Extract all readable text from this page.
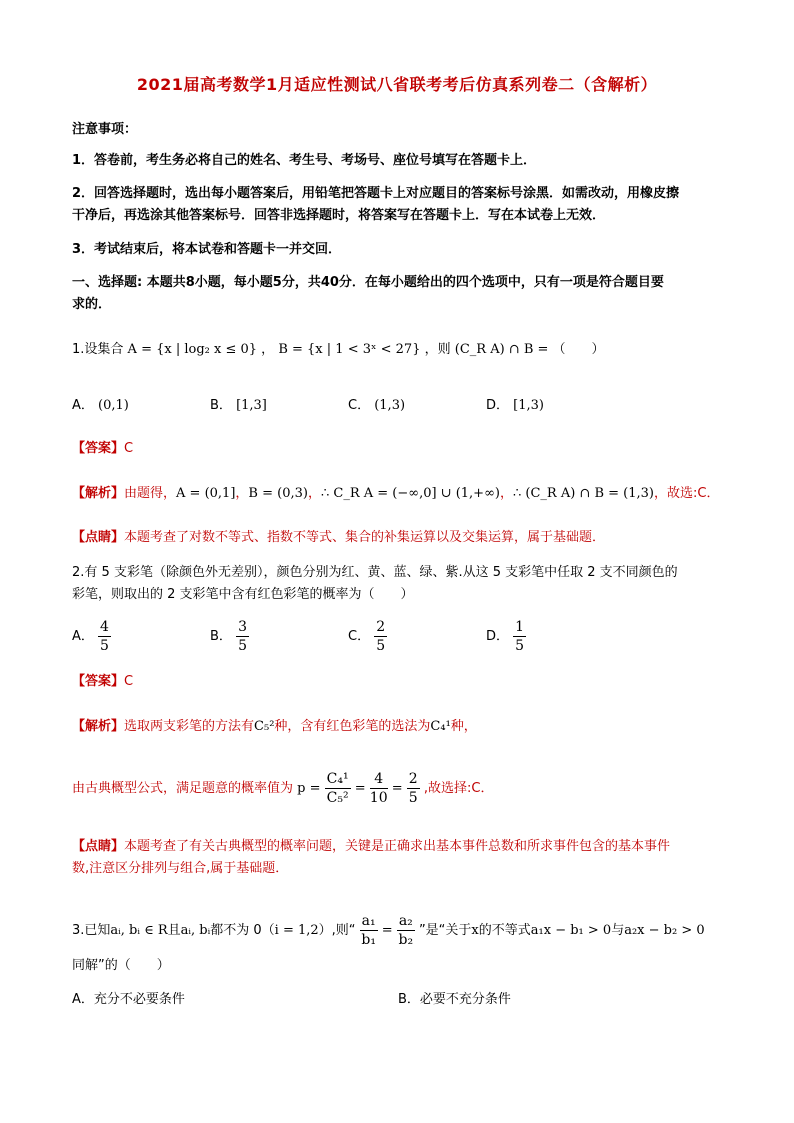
2021届高考数学1月适应性测试八省联考考后仿真系列卷二（含解析）
注意事项：
1．答卷前，考生务必将自己的姓名、考生号、考场号、座位号填写在答题卡上．
2．回答选择题时，选出每小题答案后，用铅笔把答题卡上对应题目的答案标号涂黑．如需改动，用橡皮擦
干净后，再选涂其他答案标号．回答非选择题时，将答案写在答题卡上．写在本试卷上无效．
3．考试结束后，将本试卷和答题卡一并交回．
一、选择题: 本题共8小题，每小题5分，共40分．在每小题给出的四个选项中，只有一项是符合题目要
求的．
1.设集合 A = {x | log₂ x ≤ 0} ， B = {x | 1 < 3ˣ < 27} ，则 (C_R A) ∩ B = （　　）
A． (0,1)	B． [1,3]	C． (1,3)	D． [1,3)
【答案】C
【解析】由题得，A = (0,1]，B = (0,3)，∴ C_R A = (−∞,0] ∪ (1,+∞)，∴ (C_R A) ∩ B = (1,3)，故选:C．
【点睛】本题考查了对数不等式、指数不等式、集合的补集运算以及交集运算，属于基础题．
2.有 5 支彩笔（除颜色外无差别），颜色分别为红、黄、蓝、绿、紫.从这 5 支彩笔中任取 2 支不同颜色的
彩笔，则取出的 2 支彩笔中含有红色彩笔的概率为（　　）
A． $\frac{4}{5}$	B． $\frac{3}{5}$	C． $\frac{2}{5}$	D． $\frac{1}{5}$
【答案】C
【解析】选取两支彩笔的方法有C₅²种，含有红色彩笔的选法为C₄¹种，
由古典概型公式，满足题意的概率值为 $p = \frac{\text{C₄¹}}{\text{C₅²}} = \frac{4}{10} = \frac{2}{5}$ ,故选择:C．
【点睛】本题考查了有关古典概型的概率问题，关键是正确求出基本事件总数和所求事件包含的基本事件
数,注意区分排列与组合,属于基础题．
3.已知aᵢ, bᵢ ∈ R且aᵢ, bᵢ都不为 0（i = 1,2）,则“ $\frac{\text{a₁}}{\text{b₁}} = \frac{\text{a₂}}{\text{b₂}}$ ”是“关于x的不等式a₁x − b₁ > 0与a₂x − b₂ > 0
同解”的（　　）
A．充分不必要条件	B．必要不充分条件
